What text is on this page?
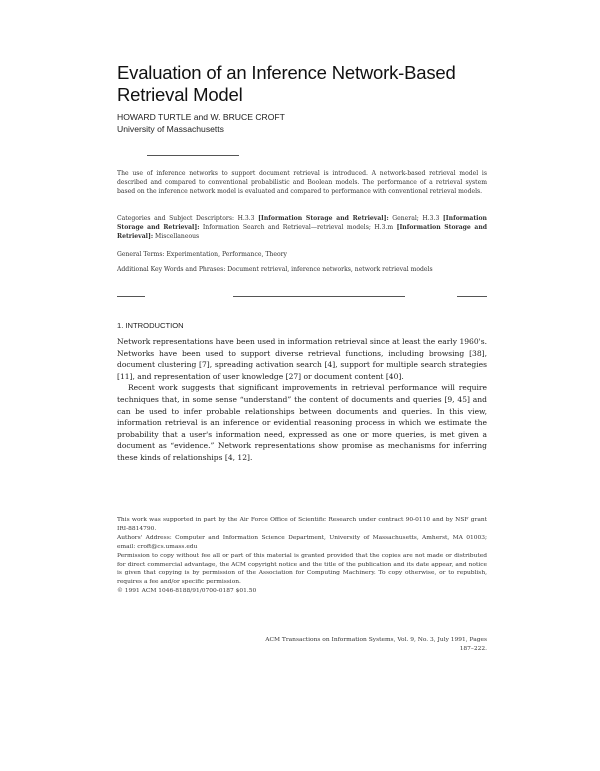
Evaluation of an Inference Network-Based
Retrieval Model
HOWARD TURTLE and W. BRUCE CROFT
University of Massachusetts
The use of inference networks to support document retrieval is introduced. A network-based retrieval model is described and compared to conventional probabilistic and Boolean models. The performance of a retrieval system based on the inference network model is evaluated and compared to performance with conventional retrieval models.
Categories and Subject Descriptors: H.3.3 [Information Storage and Retrieval]: General; H.3.3 [Information Storage and Retrieval]: Information Search and Retrieval—retrieval models; H.3.m [Information Storage and Retrieval]: Miscellaneous
General Terms: Experimentation, Performance, Theory
Additional Key Words and Phrases: Document retrieval, inference networks, network retrieval models
1. INTRODUCTION

Network representations have been used in information retrieval since at least the early 1960's. Networks have been used to support diverse retrieval functions, including browsing [38], document clustering [7], spreading activation search [4], support for multiple search strategies [11], and representation of user knowledge [27] or document content [40].

Recent work suggests that significant improvements in retrieval performance will require techniques that, in some sense “understand” the content of documents and queries [9, 45] and can be used to infer probable relationships between documents and queries. In this view, information retrieval is an inference or evidential reasoning process in which we estimate the probability that a user's information need, expressed as one or more queries, is met given a document as “evidence.” Network representations show promise as mechanisms for inferring these kinds of relationships [4, 12].

This work was supported in part by the Air Force Office of Scientific Research under contract 90-0110 and by NSF grant IRI-8814790.

Authors' Address: Computer and Information Science Department, University of Massachusetts, Amherst, MA 01003; email: croft@cs.umass.edu

Permission to copy without fee all or part of this material is granted provided that the copies are not made or distributed for direct commercial advantage, the ACM copyright notice and the title of the publication and its date appear, and notice is given that copying is by permission of the Association for Computing Machinery. To copy otherwise, or to republish, requires a fee and/or specific permission.

© 1991 ACM 1046-8188/91/0700-0187 $01.50

ACM Transactions on Information Systems, Vol. 9, No. 3, July 1991, Pages 187–222.
